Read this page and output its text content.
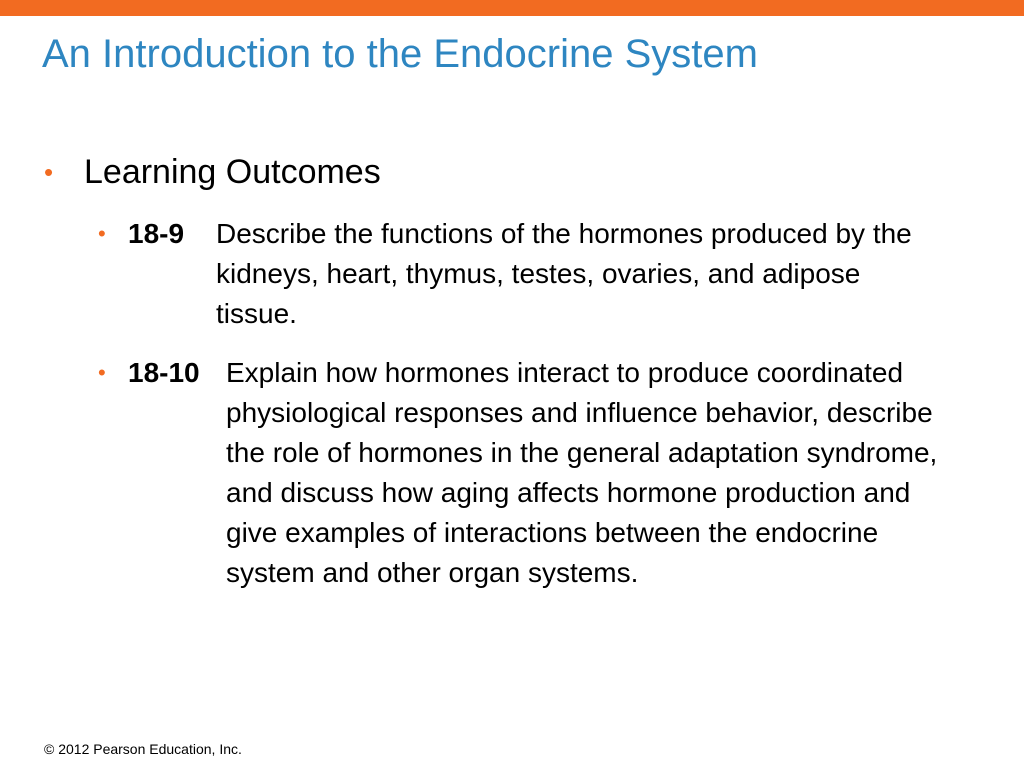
An Introduction to the Endocrine System
• Learning Outcomes
• 18-9	Describe the functions of the hormones produced by the kidneys, heart, thymus, testes, ovaries, and adipose tissue.
• 18-10 Explain how hormones interact to produce coordinated physiological responses and influence behavior, describe the role of hormones in the general adaptation syndrome, and discuss how aging affects hormone production and give examples of interactions between the endocrine system and other organ systems.
© 2012 Pearson Education, Inc.
